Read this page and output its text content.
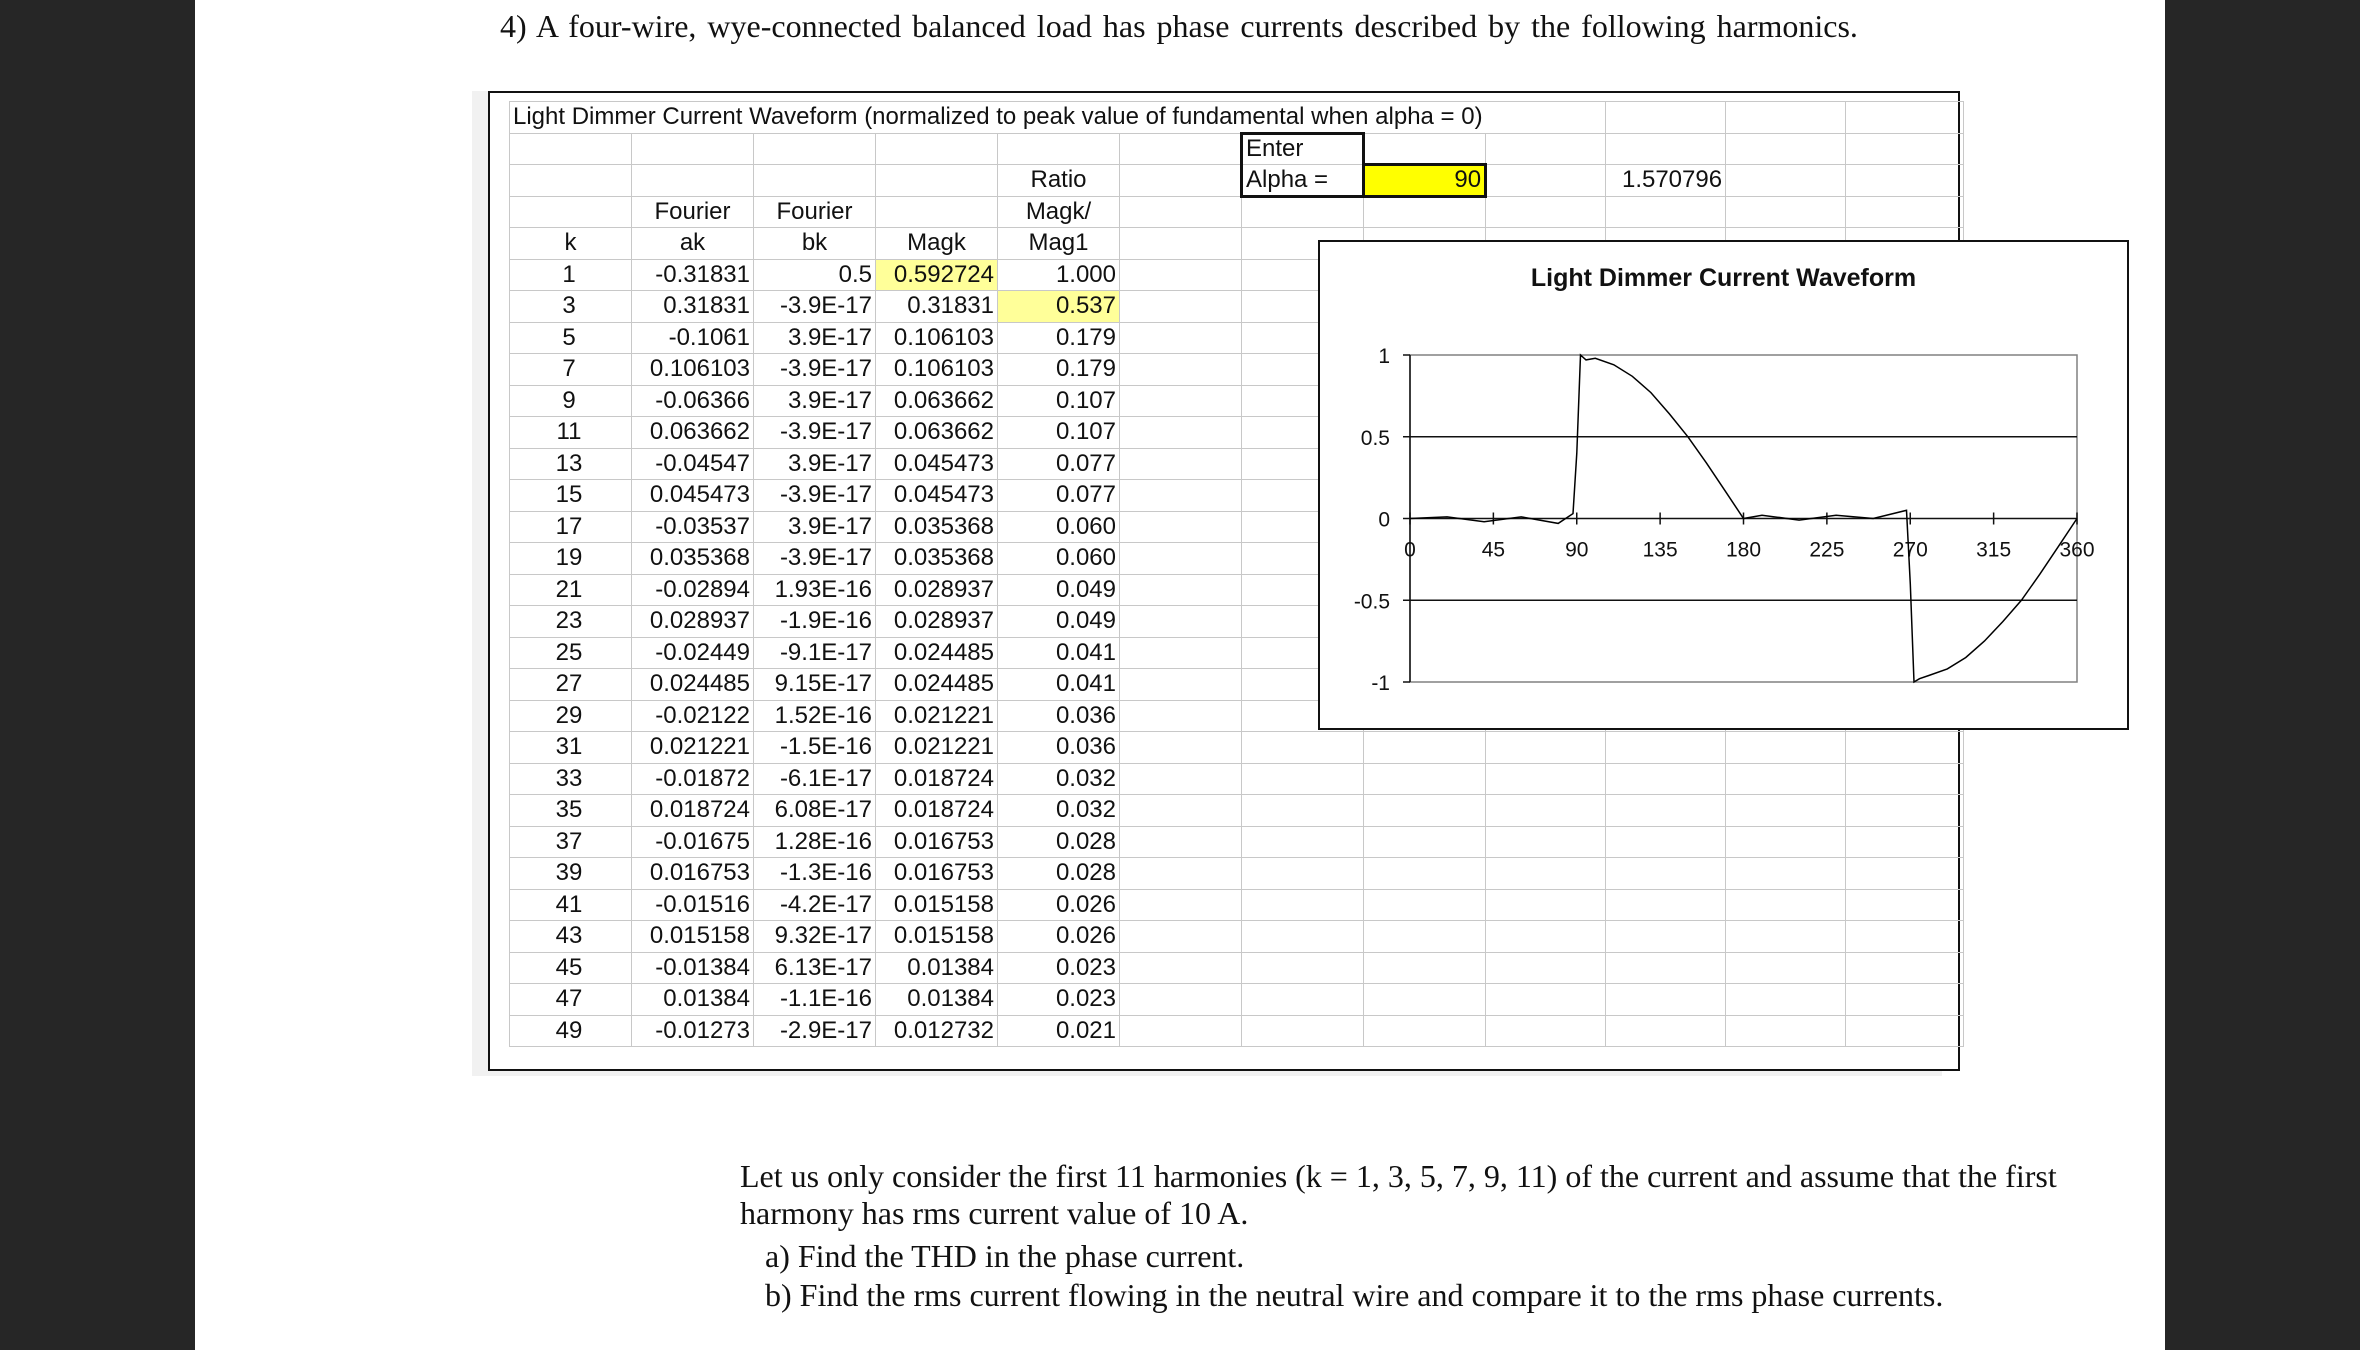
4) A four-wire, wye-connected balanced load has phase currents described by the following harmonics.
Light Dimmer Current Waveform (normalized to peak value of fundamental when alpha = 0)											
						Enter					
				Ratio		Alpha =	90		1.570796		
	Fourier	Fourier		Magk/							
k	ak	bk	Magk	Mag1							
1	-0.31831	0.5	0.592724	1.000							
3	0.31831	-3.9E-17	0.31831	0.537							
5	-0.1061	3.9E-17	0.106103	0.179							
7	0.106103	-3.9E-17	0.106103	0.179							
9	-0.06366	3.9E-17	0.063662	0.107							
11	0.063662	-3.9E-17	0.063662	0.107							
13	-0.04547	3.9E-17	0.045473	0.077							
15	0.045473	-3.9E-17	0.045473	0.077							
17	-0.03537	3.9E-17	0.035368	0.060							
19	0.035368	-3.9E-17	0.035368	0.060							
21	-0.02894	1.93E-16	0.028937	0.049							
23	0.028937	-1.9E-16	0.028937	0.049							
25	-0.02449	-9.1E-17	0.024485	0.041							
27	0.024485	9.15E-17	0.024485	0.041							
29	-0.02122	1.52E-16	0.021221	0.036							
31	0.021221	-1.5E-16	0.021221	0.036							
33	-0.01872	-6.1E-17	0.018724	0.032							
35	0.018724	6.08E-17	0.018724	0.032							
37	-0.01675	1.28E-16	0.016753	0.028							
39	0.016753	-1.3E-16	0.016753	0.028							
41	-0.01516	-4.2E-17	0.015158	0.026							
43	0.015158	9.32E-17	0.015158	0.026							
45	-0.01384	6.13E-17	0.01384	0.023							
47	0.01384	-1.1E-16	0.01384	0.023							
49	-0.01273	-2.9E-17	0.012732	0.021							
Light Dimmer Current Waveform
1
0.5
0
-0.5
-1
0	45	90	135 180 225 270 315 360
Let us only consider the first 11 harmonies (k = 1, 3, 5, 7, 9, 11) of the current and assume that the first
harmony has rms current value of 10 A.
a) Find the THD in the phase current.
b) Find the rms current flowing in the neutral wire and compare it to the rms phase currents.
